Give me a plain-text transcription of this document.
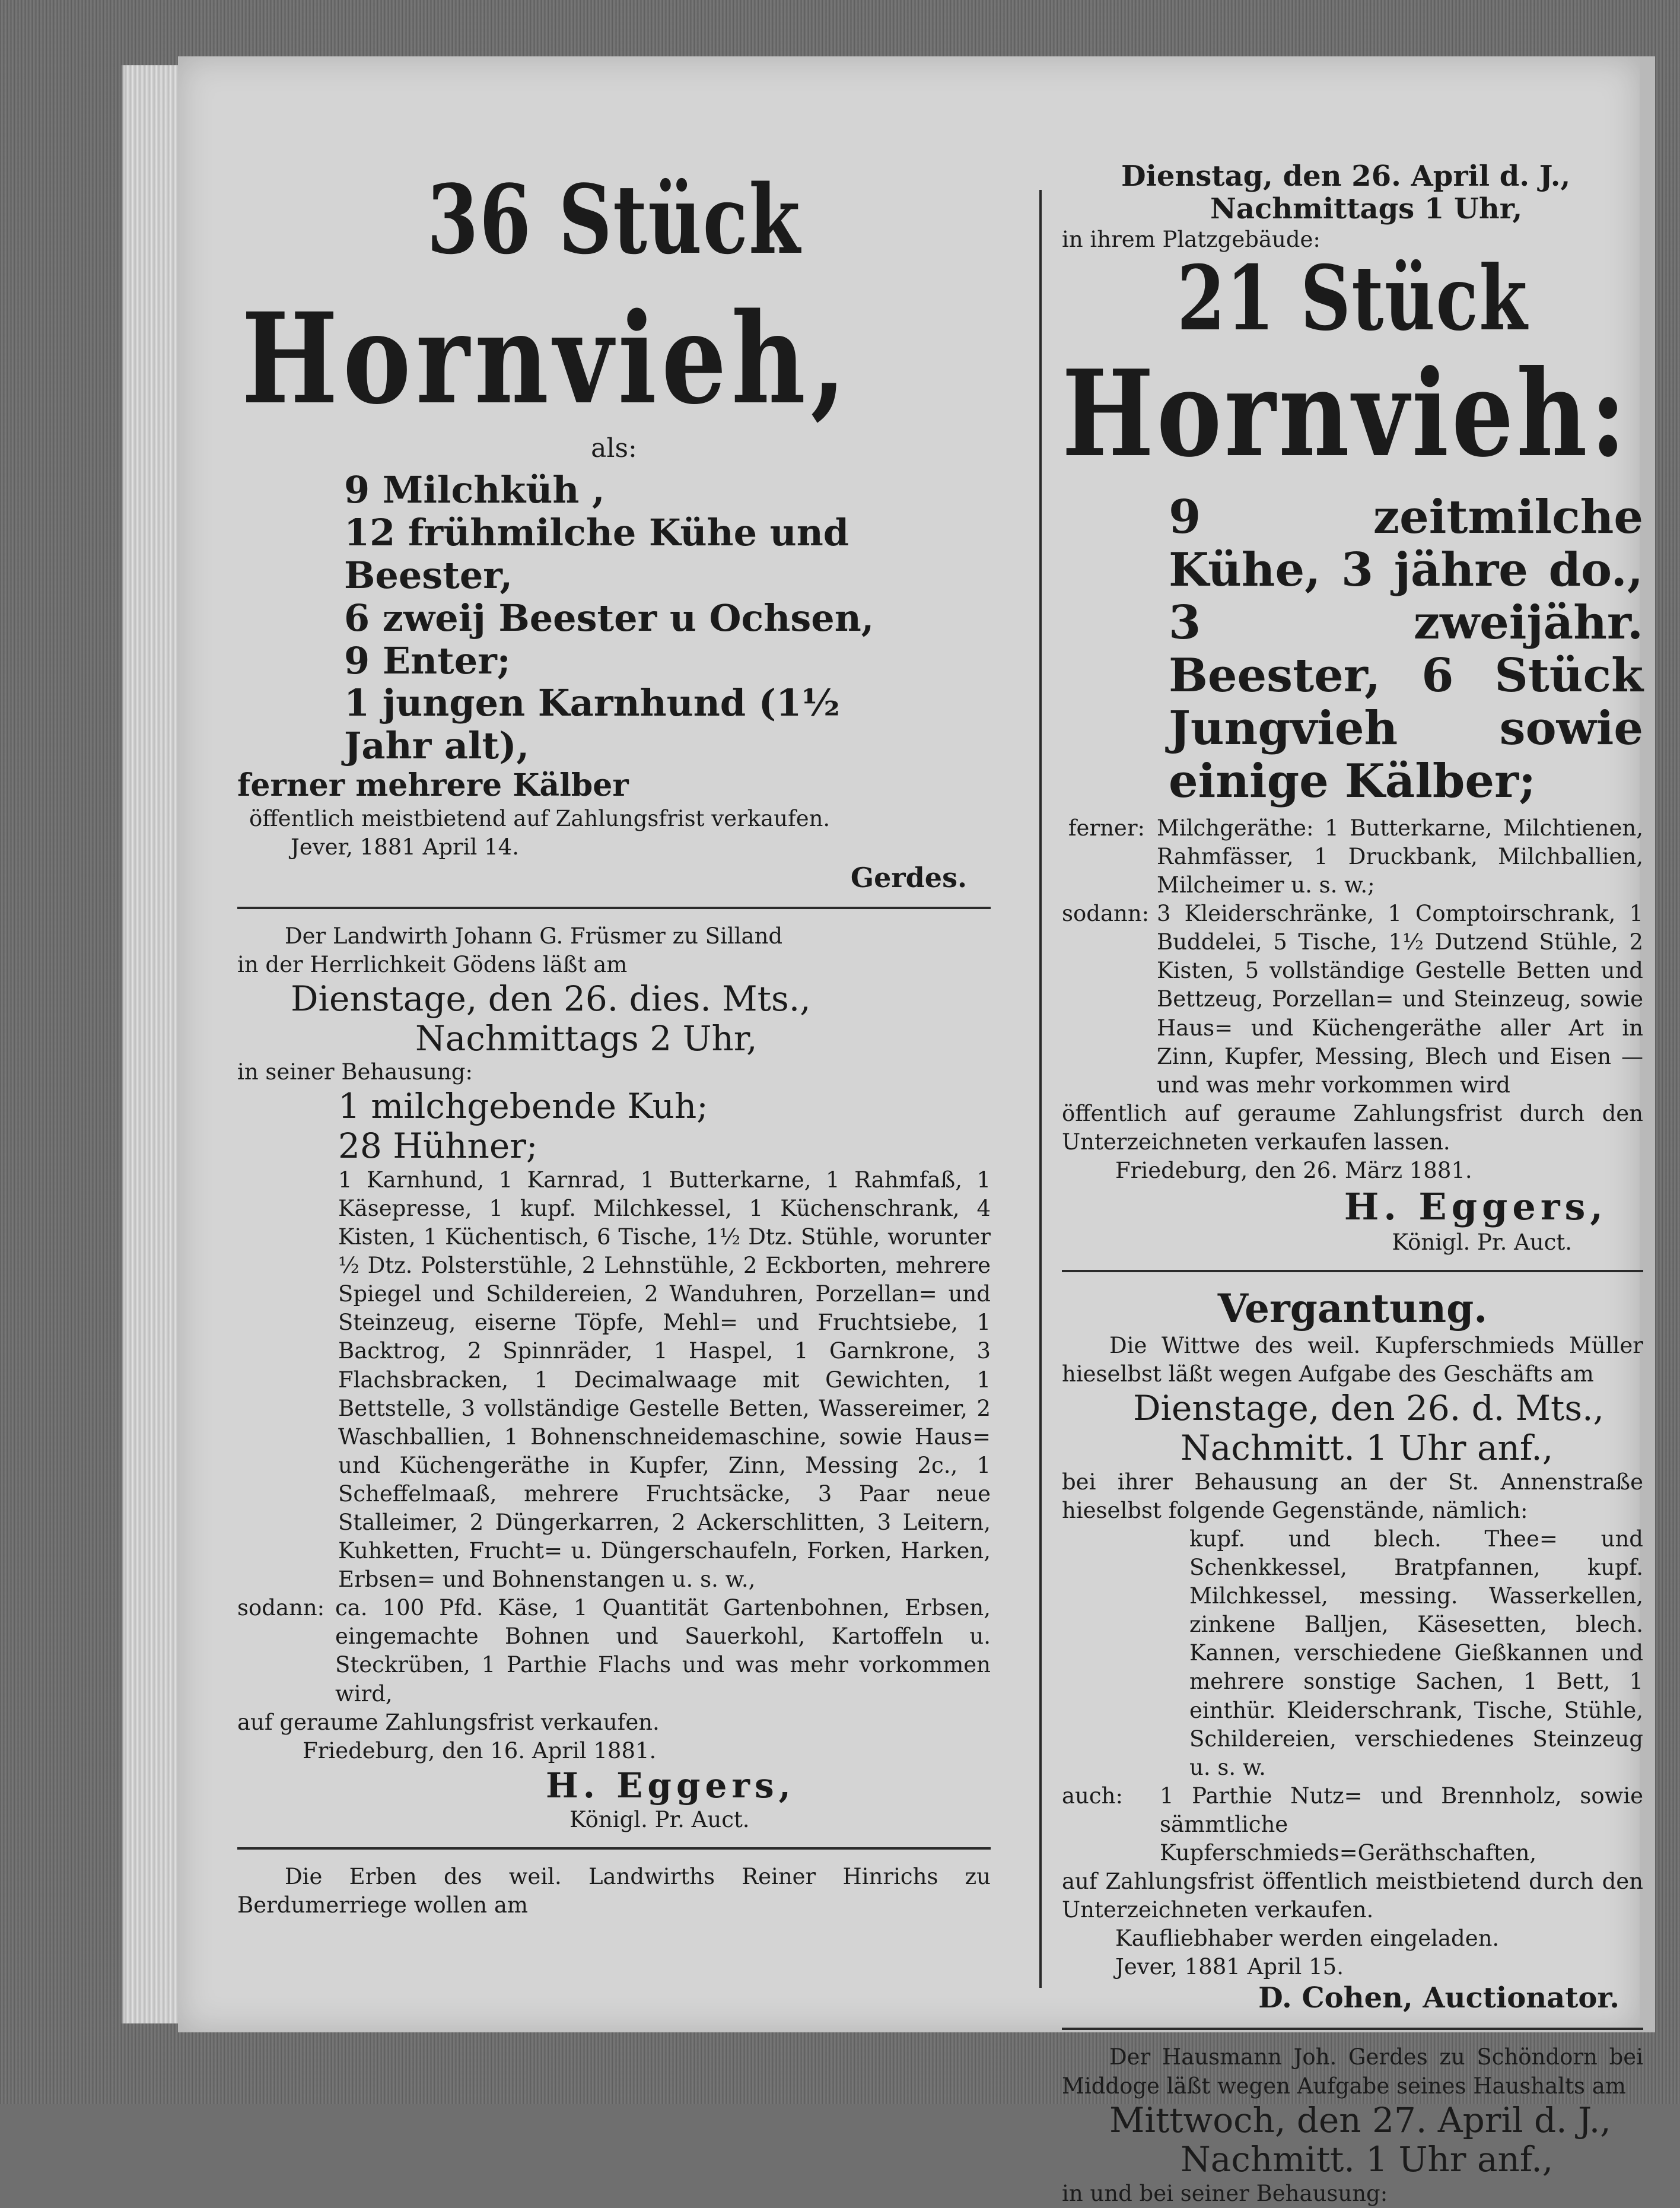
36 Stück
Hornvieh,
als:
9 Milchküh ,
12 frühmilche Kühe und
Beester,
6 zweij Beester u Ochsen,
9 Enter;
1 jungen Karnhund (1½
Jahr alt),
ferner mehrere Kälber
öffentlich meistbietend auf Zahlungsfrist verkaufen.
Jever, 1881 April 14.
Gerdes.
Der Landwirth Johann G. Früsmer zu Silland
in der Herrlichkeit Gödens läßt am
Dienstage, den 26. dies. Mts.,
Nachmittags 2 Uhr,
in seiner Behausung:
1 milchgebende Kuh;
28 Hühner;
1 Karnhund, 1 Karnrad, 1 Butterkarne, 1 Rahmfaß, 1 Käsepresse, 1 kupf. Milchkessel, 1 Küchenschrank, 4 Kisten, 1 Küchentisch, 6 Tische, 1½ Dtz. Stühle, worunter ½ Dtz. Polsterstühle, 2 Lehnstühle, 2 Eckborten, mehrere Spiegel und Schildereien, 2 Wanduhren, Porzellan= und Steinzeug, eiserne Töpfe, Mehl= und Fruchtsiebe, 1 Backtrog, 2 Spinnräder, 1 Haspel, 1 Garnkrone, 3 Flachsbracken, 1 Decimalwaage mit Gewichten, 1 Bettstelle, 3 vollständige Gestelle Betten, Wassereimer, 2 Waschballien, 1 Bohnenschneidemaschine, sowie Haus= und Küchengeräthe in Kupfer, Zinn, Messing 2c., 1 Scheffelmaaß, mehrere Fruchtsäcke, 3 Paar neue Stalleimer, 2 Düngerkarren, 2 Ackerschlitten, 3 Leitern, Kuhketten, Frucht= u. Düngerschaufeln, Forken, Harken, Erbsen= und Bohnenstangen u. s. w.,
sodann: ca. 100 Pfd. Käse, 1 Quantität Gartenbohnen, Erbsen, eingemachte Bohnen und Sauerkohl, Kartoffeln u. Steckrüben, 1 Parthie Flachs und was mehr vorkommen wird,
auf geraume Zahlungsfrist verkaufen.
Friedeburg, den 16. April 1881.
H. Eggers,
Königl. Pr. Auct.
Die Erben des weil. Landwirths Reiner Hinrichs zu Berdumerriege wollen am
Dienstag, den 26. April d. J.,
Nachmittags 1 Uhr,
in ihrem Platzgebäude:
21 Stück
Hornvieh:
9 zeitmilche Kühe, 3 jähre do., 3 zweijähr. Beester, 6 Stück Jungvieh sowie einige Kälber;
ferner: Milchgeräthe: 1 Butterkarne, Milchtienen, Rahmfässer, 1 Druckbank, Milchballien, Milcheimer u. s. w.;
sodann: 3 Kleiderschränke, 1 Comptoirschrank, 1 Buddelei, 5 Tische, 1½ Dutzend Stühle, 2 Kisten, 5 vollständige Gestelle Betten und Bettzeug, Porzellan= und Steinzeug, sowie Haus= und Küchengeräthe aller Art in Zinn, Kupfer, Messing, Blech und Eisen — und was mehr vorkommen wird
öffentlich auf geraume Zahlungsfrist durch den Unterzeichneten verkaufen lassen.
Friedeburg, den 26. März 1881.
H. Eggers,
Königl. Pr. Auct.
Vergantung.
Die Wittwe des weil. Kupferschmieds Müller hieselbst läßt wegen Aufgabe des Geschäfts am
Dienstage, den 26. d. Mts.,
Nachmitt. 1 Uhr anf.,
bei ihrer Behausung an der St. Annenstraße hieselbst folgende Gegenstände, nämlich:
kupf. und blech. Thee= und Schenkkessel, Bratpfannen, kupf. Milchkessel, messing. Wasserkellen, zinkene Balljen, Käsesetten, blech. Kannen, verschiedene Gießkannen und mehrere sonstige Sachen, 1 Bett, 1 einthür. Kleiderschrank, Tische, Stühle, Schildereien, verschiedenes Steinzeug u. s. w.
auch:	1 Parthie Nutz= und Brennholz, sowie sämmtliche Kupferschmieds=Geräthschaften,
auf Zahlungsfrist öffentlich meistbietend durch den Unterzeichneten verkaufen.
Kaufliebhaber werden eingeladen.
Jever, 1881 April 15.
D. Cohen, Auctionator.
Der Hausmann Joh. Gerdes zu Schöndorn bei Middoge läßt wegen Aufgabe seines Haushalts am
Mittwoch, den 27. April d. J.,
Nachmitt. 1 Uhr anf.,
in und bei seiner Behausung:
